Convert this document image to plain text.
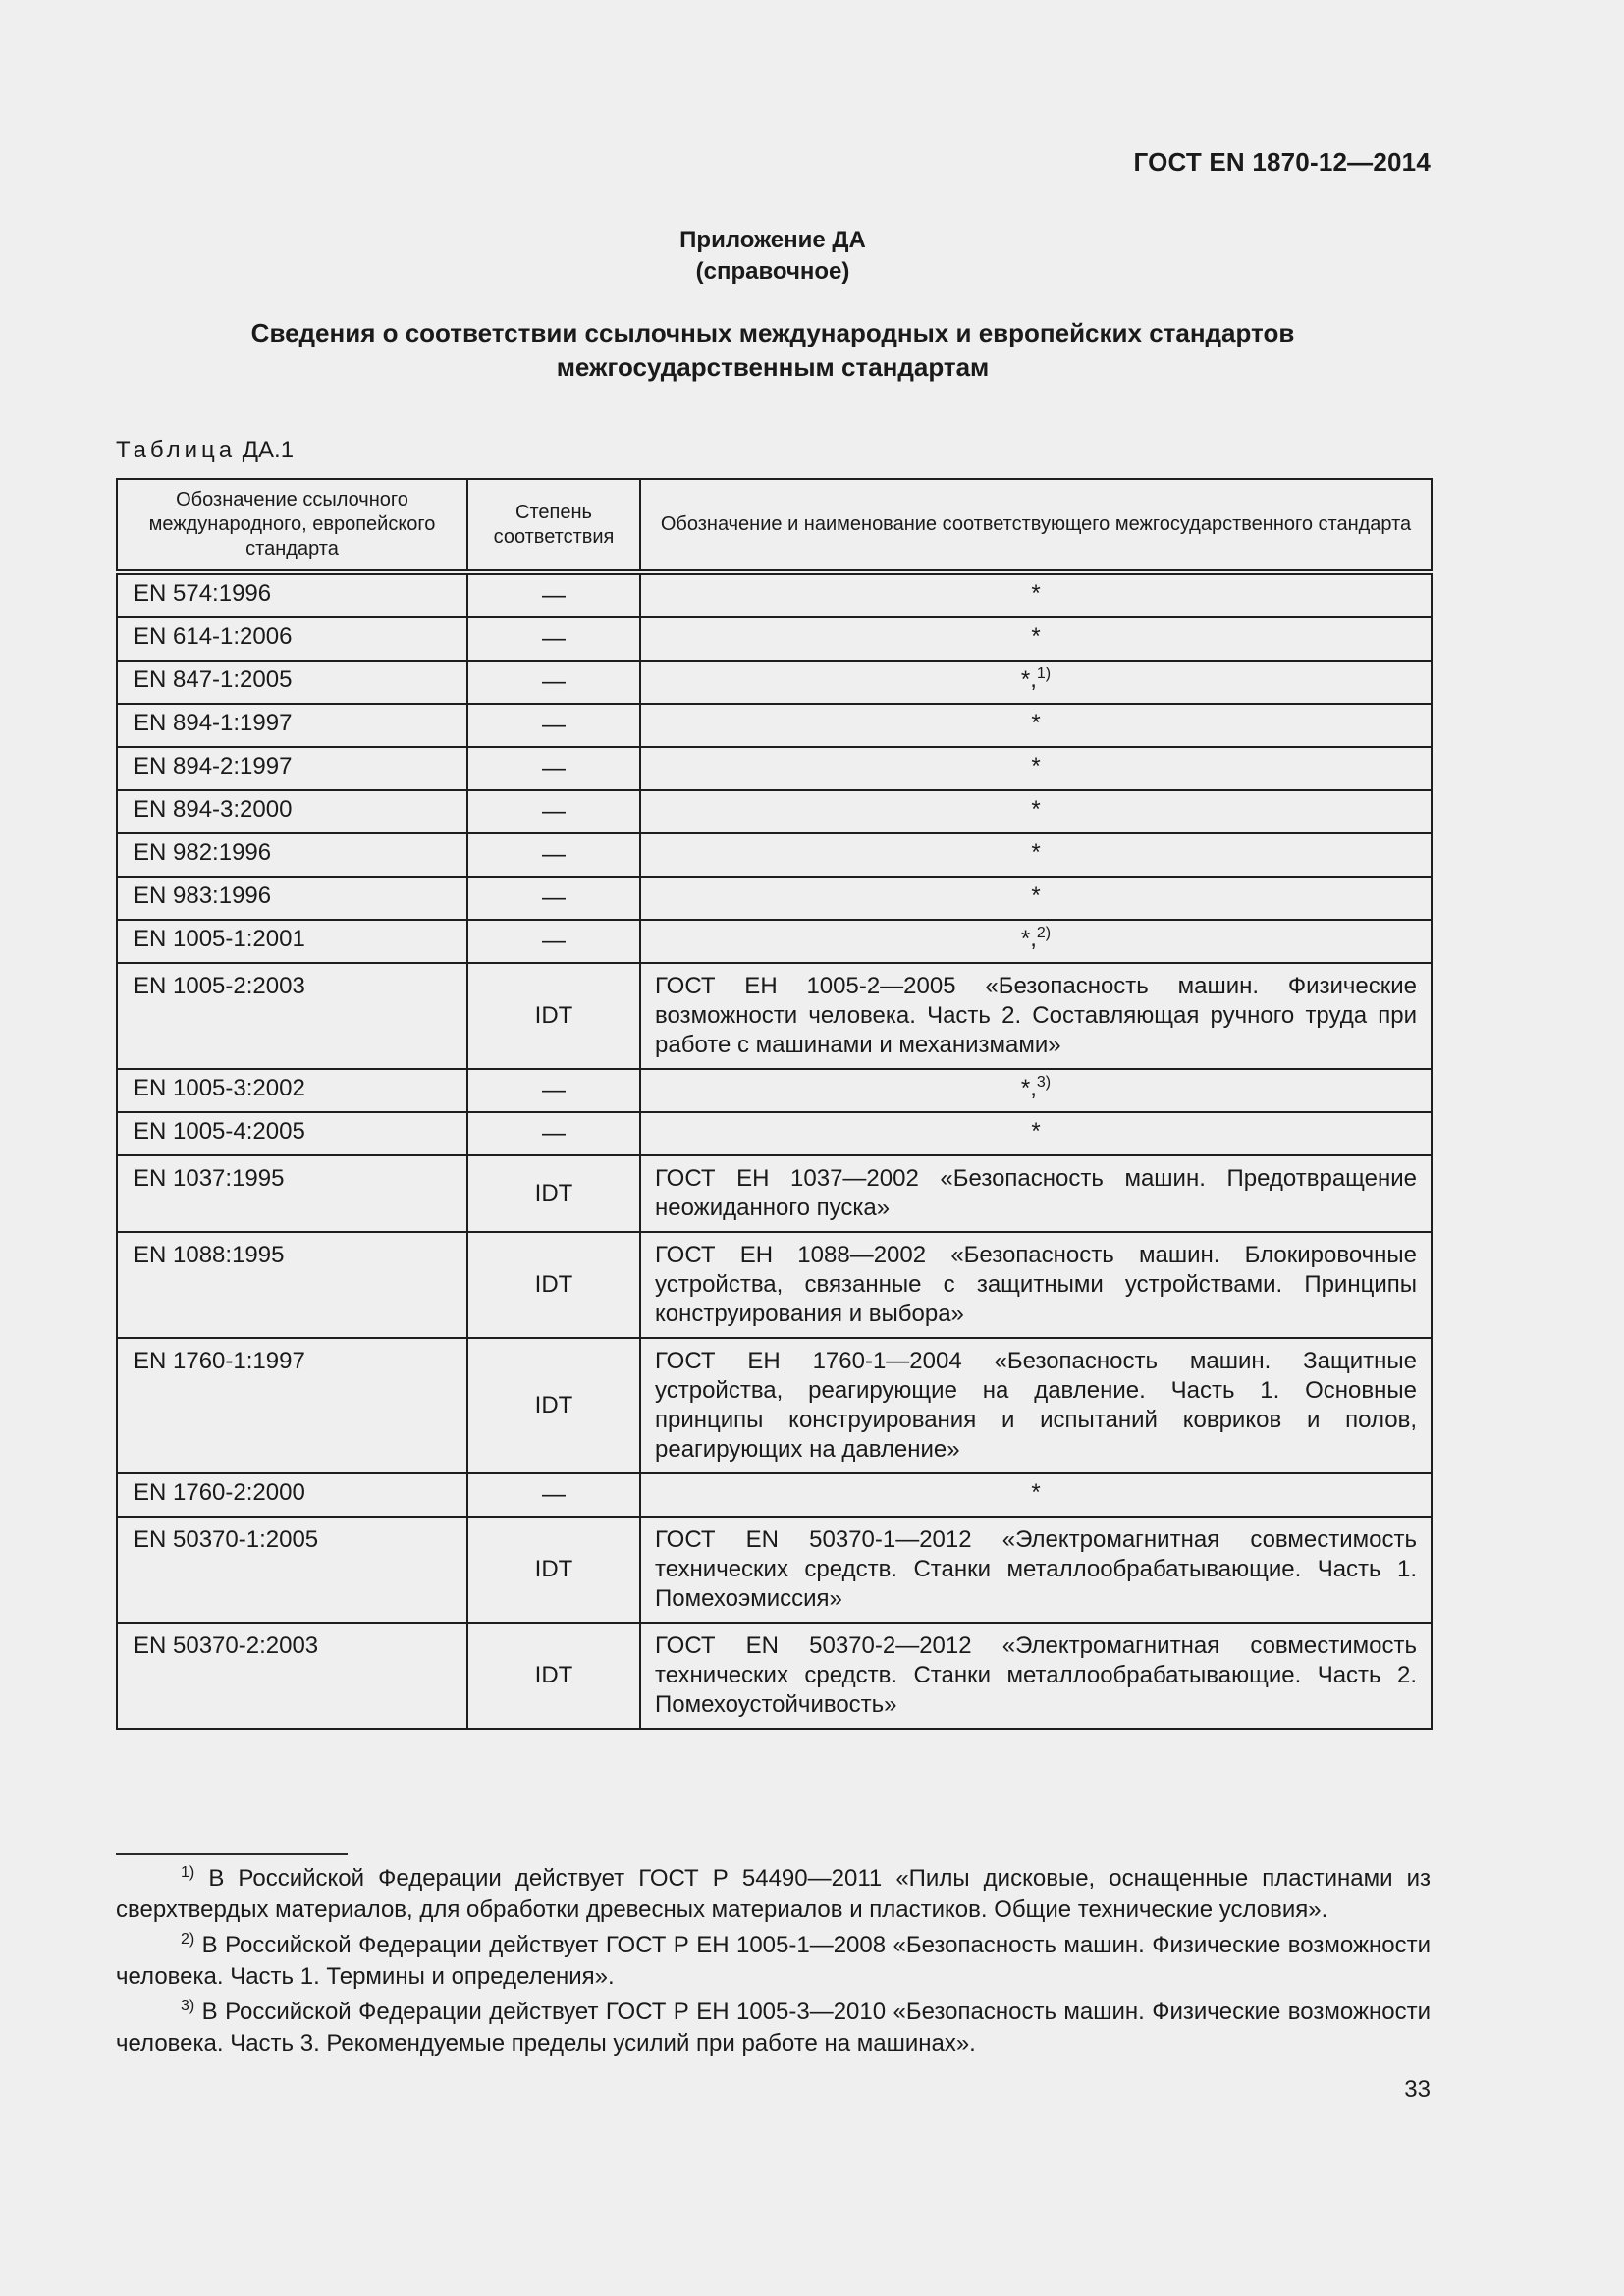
ГОСТ EN 1870-12—2014
Приложение ДА
(справочное)
Сведения о соответствии ссылочных международных и европейских стандартов
межгосударственным стандартам
Таблица ДА.1
Обозначение ссылочного международного, европейского стандарта	Степень соответствия	Обозначение и наименование соответствующего межгосударственного стандарта
EN 574:1996	—	*
EN 614-1:2006	—	*
EN 847-1:2005	—	*,$^{1)}$
EN 894-1:1997	—	*
EN 894-2:1997	—	*
EN 894-3:2000	—	*
EN 982:1996	—	*
EN 983:1996	—	*
EN 1005-1:2001	—	*,$^{2)}$
EN 1005-2:2003	IDT	ГОСТ ЕН 1005-2—2005 «Безопасность машин. Физические возможности человека. Часть 2. Составляющая ручного труда при работе с машинами и механизмами»
EN 1005-3:2002	—	*,$^{3)}$
EN 1005-4:2005	—	*
EN 1037:1995	IDT	ГОСТ ЕН 1037—2002 «Безопасность машин. Предотвращение неожиданного пуска»
EN 1088:1995	IDT	ГОСТ ЕН 1088—2002 «Безопасность машин. Блокировочные устройства, связанные с защитными устройствами. Принципы конструирования и выбора»
EN 1760-1:1997	IDT	ГОСТ ЕН 1760-1—2004 «Безопасность машин. Защитные устройства, реагирующие на давление. Часть 1. Основные принципы конструирования и испытаний ковриков и полов, реагирующих на давление»
EN 1760-2:2000	—	*
EN 50370-1:2005	IDT	ГОСТ EN 50370-1—2012 «Электромагнитная совместимость технических средств. Станки металлообрабатывающие. Часть 1. Помехоэмиссия»
EN 50370-2:2003	IDT	ГОСТ EN 50370-2—2012 «Электромагнитная совместимость технических средств. Станки металлообрабатывающие. Часть 2. Помехоустойчивость»

$^{1)}$ В Российской Федерации действует ГОСТ Р 54490—2011 «Пилы дисковые, оснащенные пластинами из сверхтвердых материалов, для обработки древесных материалов и пластиков. Общие технические условия».

$^{2)}$ В Российской Федерации действует ГОСТ Р ЕН 1005-1—2008 «Безопасность машин. Физические возможности человека. Часть 1. Термины и определения».

$^{3)}$ В Российской Федерации действует ГОСТ Р ЕН 1005-3—2010 «Безопасность машин. Физические возможности человека. Часть 3. Рекомендуемые пределы усилий при работе на машинах».

33
